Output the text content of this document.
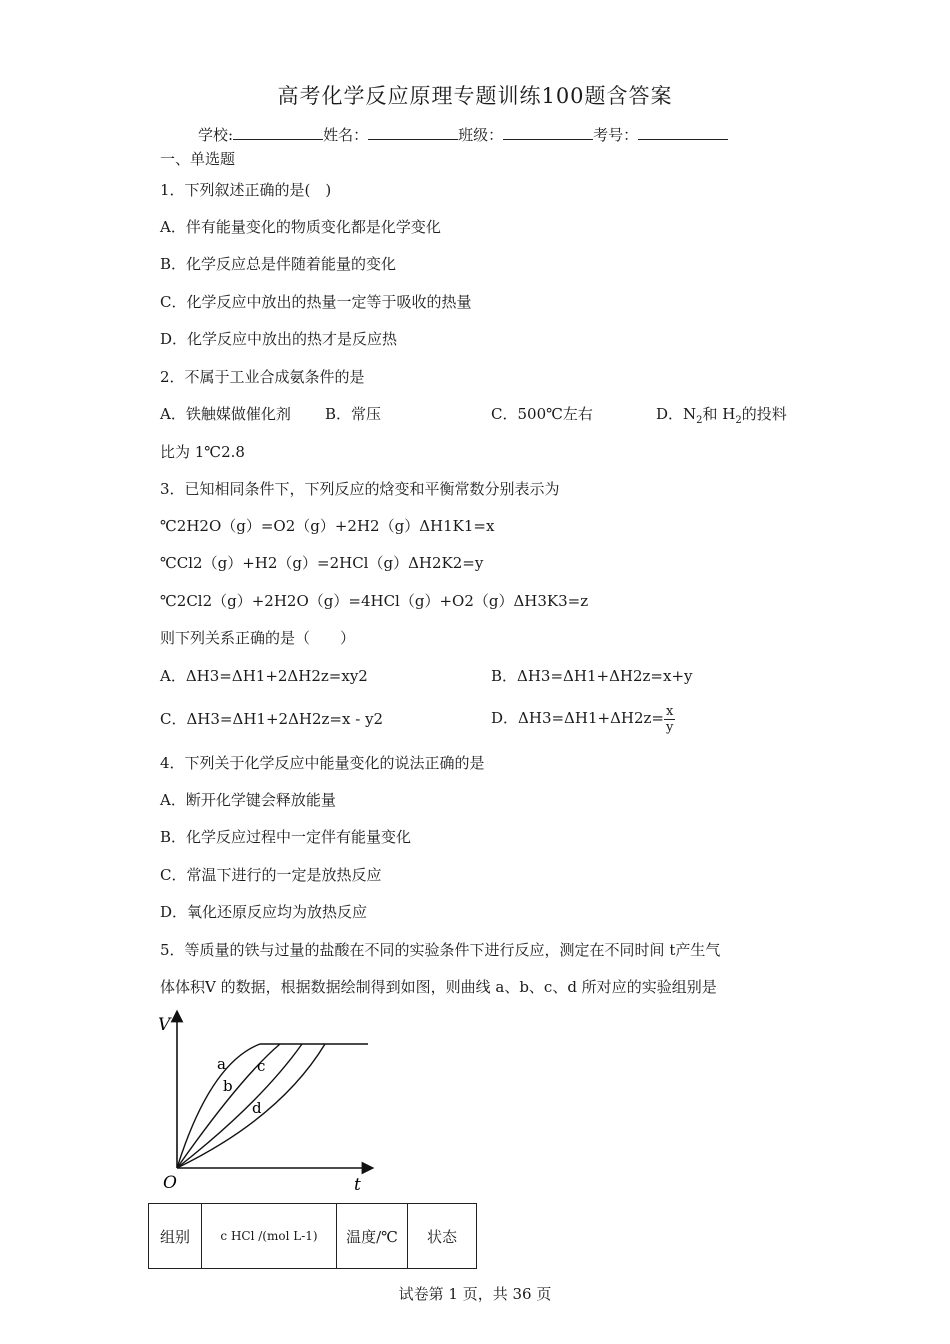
高考化学反应原理专题训练100题含答案
学校:	姓名：	班级：	考号：
一、单选题
1．下列叙述正确的是(　)
A．伴有能量变化的物质变化都是化学变化
B．化学反应总是伴随着能量的变化
C．化学反应中放出的热量一定等于吸收的热量
D．化学反应中放出的热才是反应热
2．不属于工业合成氨条件的是
A．铁触媒做催化剂 B．常压	C．500℃左右	D．$N_2$和 $H_2$的投料
比为 1℃2.8
3．已知相同条件下，下列反应的焓变和平衡常数分别表示为
℃2H2O（g）=O2（g）+2H2（g）ΔH1K1=x
℃Cl2（g）+H2（g）=2HCl（g）ΔH2K2=y
℃2Cl2（g）+2H2O（g）=4HCl（g）+O2（g）ΔH3K3=z
则下列关系正确的是（　　）
A．ΔH3=ΔH1+2ΔH2z=xy2	B．ΔH3=ΔH1+ΔH2z=x+y
C．ΔH3=ΔH1+2ΔH2z=x - y2	D．$\Delta H3=\Delta H1+\Delta H2z= \frac{x}{y}$
4．下列关于化学反应中能量变化的说法正确的是
A．断开化学键会释放能量
B．化学反应过程中一定伴有能量变化
C．常温下进行的一定是放热反应
D．氧化还原反应均为放热反应
5．等质量的铁与过量的盐酸在不同的实验条件下进行反应，测定在不同时间 t产生气
体体积V 的数据，根据数据绘制得到如图，则曲线 a、b、c、d 所对应的实验组别是
V
t
O
a
b
c
d
组别	c HCl /(mol L-1)	温度/℃	状态
试卷第 1 页，共 36 页
